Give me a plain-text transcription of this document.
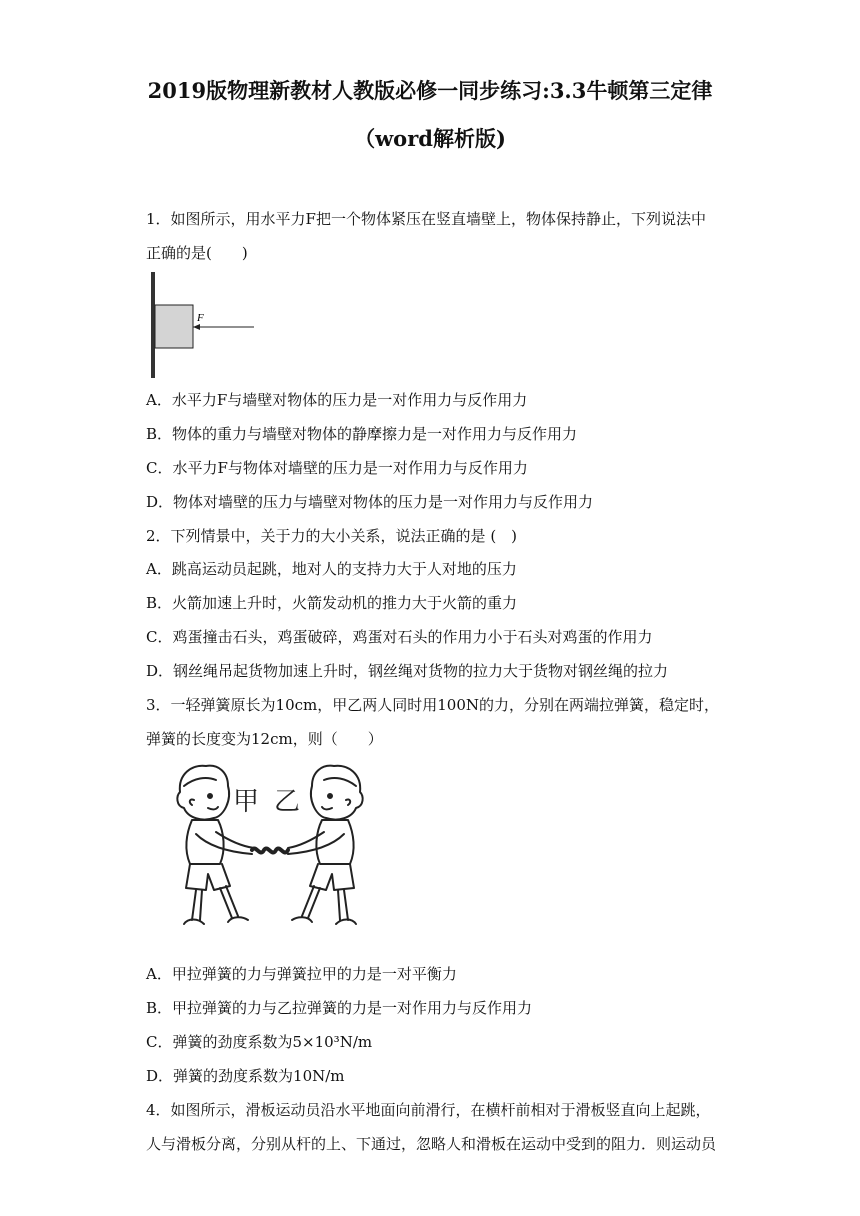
2019版物理新教材人教版必修一同步练习:3.3牛顿第三定律
（word解析版)
1．如图所示，用水平力F把一个物体紧压在竖直墙壁上，物体保持静止，下列说法中
正确的是(　　)
F
A．水平力F与墙壁对物体的压力是一对作用力与反作用力
B．物体的重力与墙壁对物体的静摩擦力是一对作用力与反作用力
C．水平力F与物体对墙壁的压力是一对作用力与反作用力
D．物体对墙壁的压力与墙壁对物体的压力是一对作用力与反作用力
2．下列情景中，关于力的大小关系，说法正确的是 (　)
A．跳高运动员起跳，地对人的支持力大于人对地的压力
B．火箭加速上升时，火箭发动机的推力大于火箭的重力
C．鸡蛋撞击石头，鸡蛋破碎，鸡蛋对石头的作用力小于石头对鸡蛋的作用力
D．钢丝绳吊起货物加速上升时，钢丝绳对货物的拉力大于货物对钢丝绳的拉力
3．一轻弹簧原长为10cm，甲乙两人同时用100N的力，分别在两端拉弹簧，稳定时，
弹簧的长度变为12cm，则（　　）
甲 乙
A．甲拉弹簧的力与弹簧拉甲的力是一对平衡力
B．甲拉弹簧的力与乙拉弹簧的力是一对作用力与反作用力
C．弹簧的劲度系数为5×10³N/m
D．弹簧的劲度系数为10N/m
4．如图所示，滑板运动员沿水平地面向前滑行，在横杆前相对于滑板竖直向上起跳，
人与滑板分离，分别从杆的上、下通过，忽略人和滑板在运动中受到的阻力．则运动员
